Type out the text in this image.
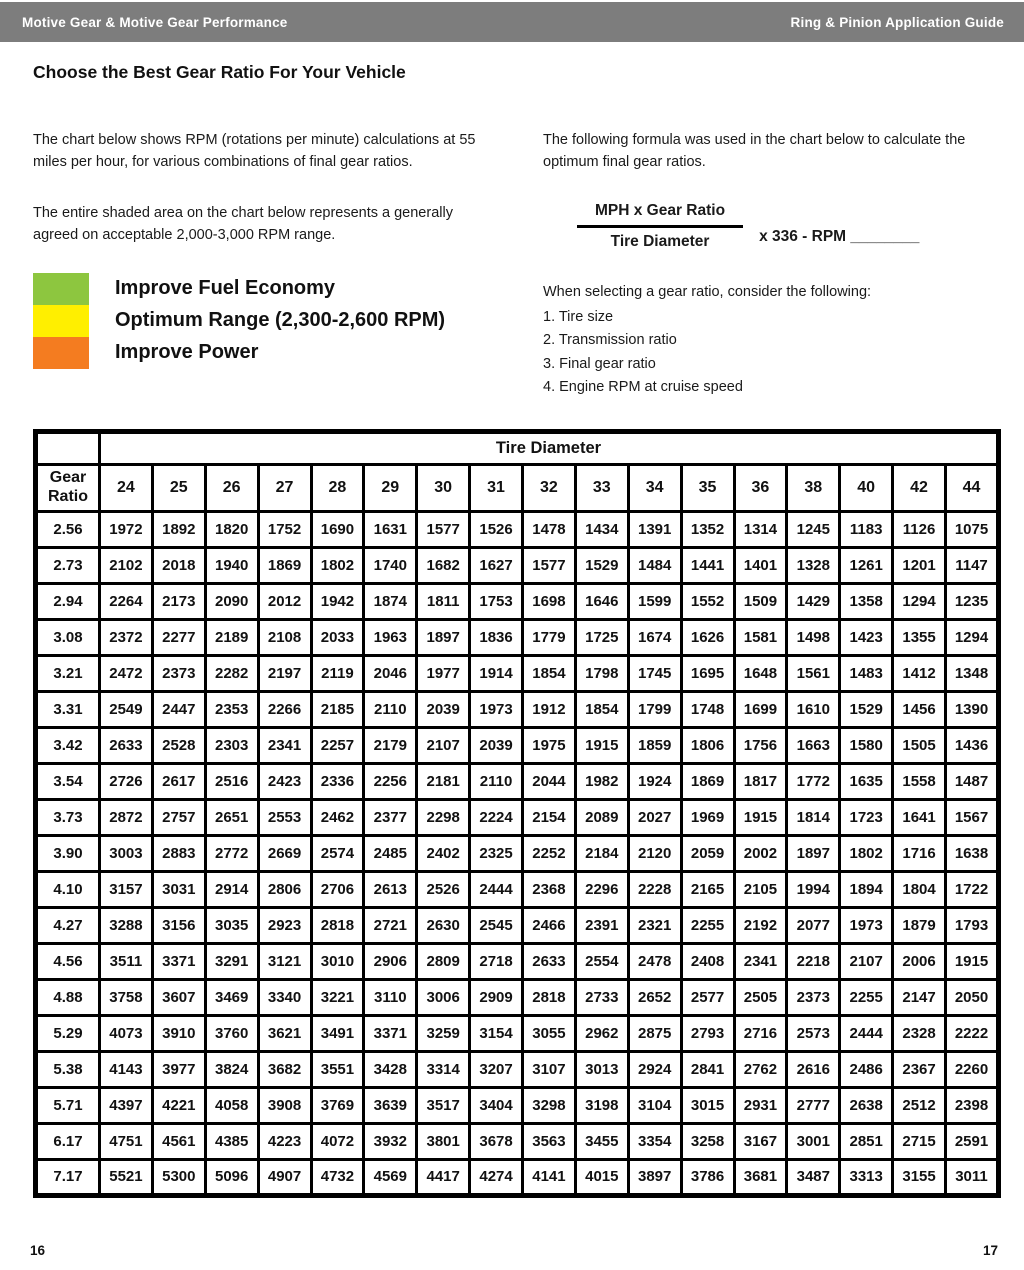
Motive Gear & Motive Gear Performance	Ring & Pinion Application Guide
Choose the Best Gear Ratio For Your Vehicle
The chart below shows RPM (rotations per minute) calculations at 55 miles per hour, for various combinations of final gear ratios.
The entire shaded area on the chart below represents a generally agreed on acceptable 2,000-3,000 RPM range.
Improve Fuel Economy
Optimum Range (2,300-2,600 RPM)
Improve Power
The following formula was used in the chart below to calculate the optimum final gear ratios.
$\frac{\text{MPH x Gear Ratio}}{\text{Tire Diameter}}$ x 336 - RPM ________
When selecting a gear ratio, consider the following:
1. Tire size
2. Transmission ratio
3. Final gear ratio
4. Engine RPM at cruise speed
	Tire Diameter																

Gear
Ratio	24	25	26	27	28	29	30	31	32	33	34	35	36	38	40	42	44
2.56	1972	1892	1820	1752	1690	1631	1577	1526	1478	1434	1391	1352	1314	1245	1183	1126	1075
2.73	2102	2018	1940	1869	1802	1740	1682	1627	1577	1529	1484	1441	1401	1328	1261	1201	1147
2.94	2264	2173	2090	2012	1942	1874	1811	1753	1698	1646	1599	1552	1509	1429	1358	1294	1235
3.08	2372	2277	2189	2108	2033	1963	1897	1836	1779	1725	1674	1626	1581	1498	1423	1355	1294
3.21	2472	2373	2282	2197	2119	2046	1977	1914	1854	1798	1745	1695	1648	1561	1483	1412	1348
3.31	2549	2447	2353	2266	2185	2110	2039	1973	1912	1854	1799	1748	1699	1610	1529	1456	1390
3.42	2633	2528	2303	2341	2257	2179	2107	2039	1975	1915	1859	1806	1756	1663	1580	1505	1436
3.54	2726	2617	2516	2423	2336	2256	2181	2110	2044	1982	1924	1869	1817	1772	1635	1558	1487
3.73	2872	2757	2651	2553	2462	2377	2298	2224	2154	2089	2027	1969	1915	1814	1723	1641	1567
3.90	3003	2883	2772	2669	2574	2485	2402	2325	2252	2184	2120	2059	2002	1897	1802	1716	1638
4.10	3157	3031	2914	2806	2706	2613	2526	2444	2368	2296	2228	2165	2105	1994	1894	1804	1722
4.27	3288	3156	3035	2923	2818	2721	2630	2545	2466	2391	2321	2255	2192	2077	1973	1879	1793
4.56	3511	3371	3291	3121	3010	2906	2809	2718	2633	2554	2478	2408	2341	2218	2107	2006	1915
4.88	3758	3607	3469	3340	3221	3110	3006	2909	2818	2733	2652	2577	2505	2373	2255	2147	2050
5.29	4073	3910	3760	3621	3491	3371	3259	3154	3055	2962	2875	2793	2716	2573	2444	2328	2222
5.38	4143	3977	3824	3682	3551	3428	3314	3207	3107	3013	2924	2841	2762	2616	2486	2367	2260
5.71	4397	4221	4058	3908	3769	3639	3517	3404	3298	3198	3104	3015	2931	2777	2638	2512	2398
6.17	4751	4561	4385	4223	4072	3932	3801	3678	3563	3455	3354	3258	3167	3001	2851	2715	2591
7.17	5521	5300	5096	4907	4732	4569	4417	4274	4141	4015	3897	3786	3681	3487	3313	3155	3011
16	17
